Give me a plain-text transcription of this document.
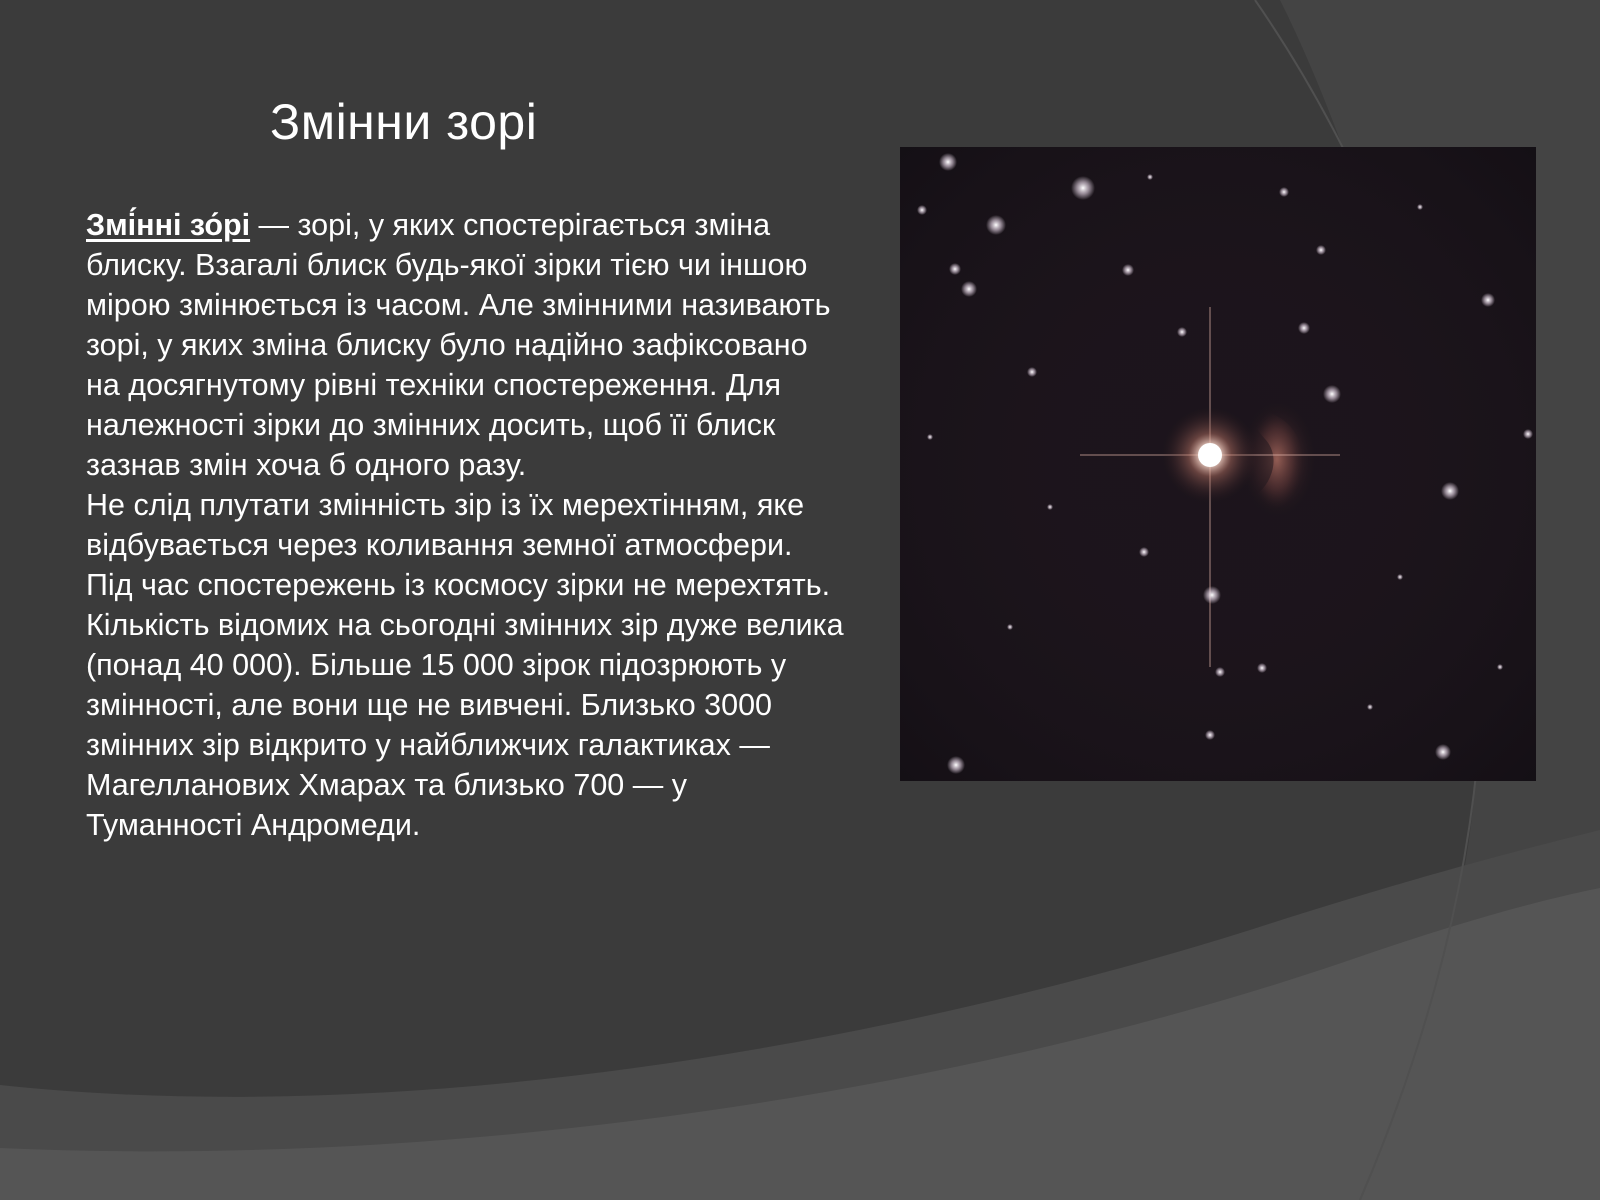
Змінни зорі

Змі́нні зо́рі — зорі, у яких спостерігається зміна блиску. Взагалі блиск будь-якої зірки тією чи іншою мірою змінюється із часом. Але змінними називають зорі, у яких зміна блиску було надійно зафіксовано на досягнутому рівні техніки спостереження. Для належності зірки до змінних досить, щоб її блиск зазнав змін хоча б одного разу.

Не слід плутати змінність зір із їх мерехтінням, яке відбувається через коливання земної атмосфери. Під час спостережень із космосу зірки не мерехтять.

Кількість відомих на сьогодні змінних зір дуже велика (понад 40 000). Більше 15 000 зірок підозрюють у змінності, але вони ще не вивчені. Близько 3000 змінних зір відкрито у найближчих галактиках — Магелланових Хмарах та близько 700 — у Туманності Андромеди.
